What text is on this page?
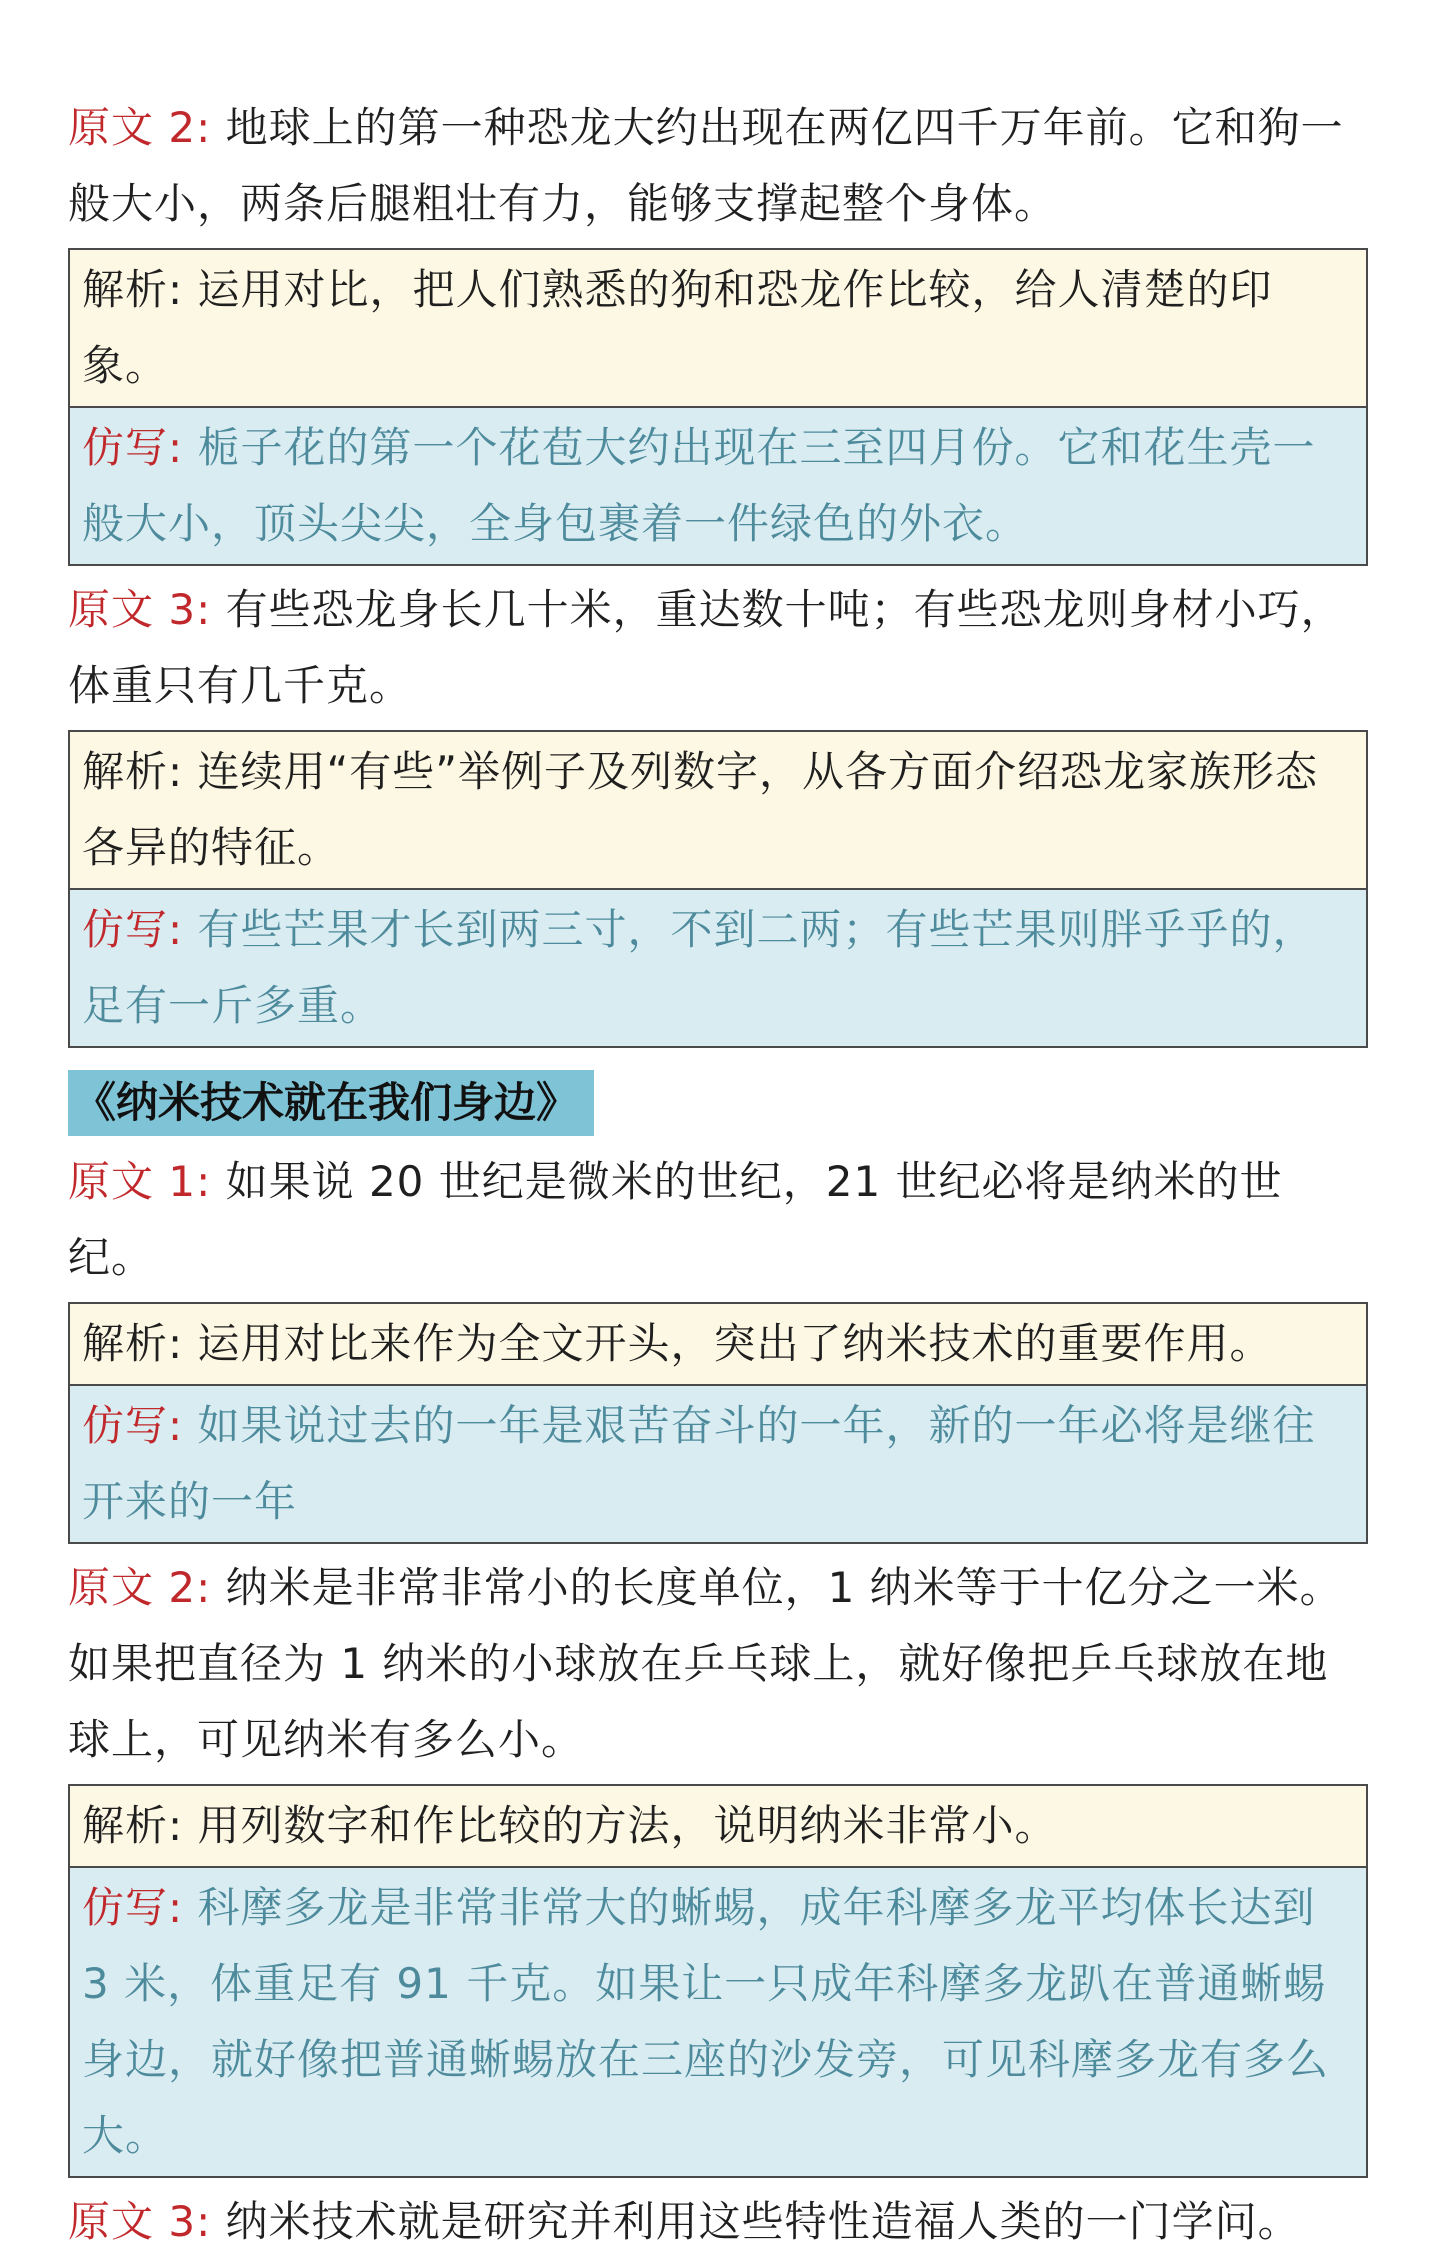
原文 2: 地球上的第一种恐龙大约出现在两亿四千万年前。它和狗一般大小，两条后腿粗壮有力，能够支撑起整个身体。
解析: 运用对比，把人们熟悉的狗和恐龙作比较，给人清楚的印象。
仿写: 栀子花的第一个花苞大约出现在三至四月份。它和花生壳一般大小，顶头尖尖，全身包裹着一件绿色的外衣。
原文 3: 有些恐龙身长几十米，重达数十吨；有些恐龙则身材小巧，体重只有几千克。
解析: 连续用“有些”举例子及列数字，从各方面介绍恐龙家族形态各异的特征。
仿写: 有些芒果才长到两三寸，不到二两；有些芒果则胖乎乎的，足有一斤多重。
《纳米技术就在我们身边》
原文 1: 如果说 20 世纪是微米的世纪，21 世纪必将是纳米的世纪。
解析: 运用对比来作为全文开头，突出了纳米技术的重要作用。
仿写: 如果说过去的一年是艰苦奋斗的一年，新的一年必将是继往开来的一年
原文 2: 纳米是非常非常小的长度单位，1 纳米等于十亿分之一米。如果把直径为 1 纳米的小球放在乒乓球上，就好像把乒乓球放在地球上，可见纳米有多么小。
解析: 用列数字和作比较的方法，说明纳米非常小。
仿写: 科摩多龙是非常非常大的蜥蜴，成年科摩多龙平均体长达到 3 米，体重足有 91 千克。如果让一只成年科摩多龙趴在普通蜥蜴身边，就好像把普通蜥蜴放在三座的沙发旁，可见科摩多龙有多么大。
原文 3: 纳米技术就是研究并利用这些特性造福人类的一门学问。
